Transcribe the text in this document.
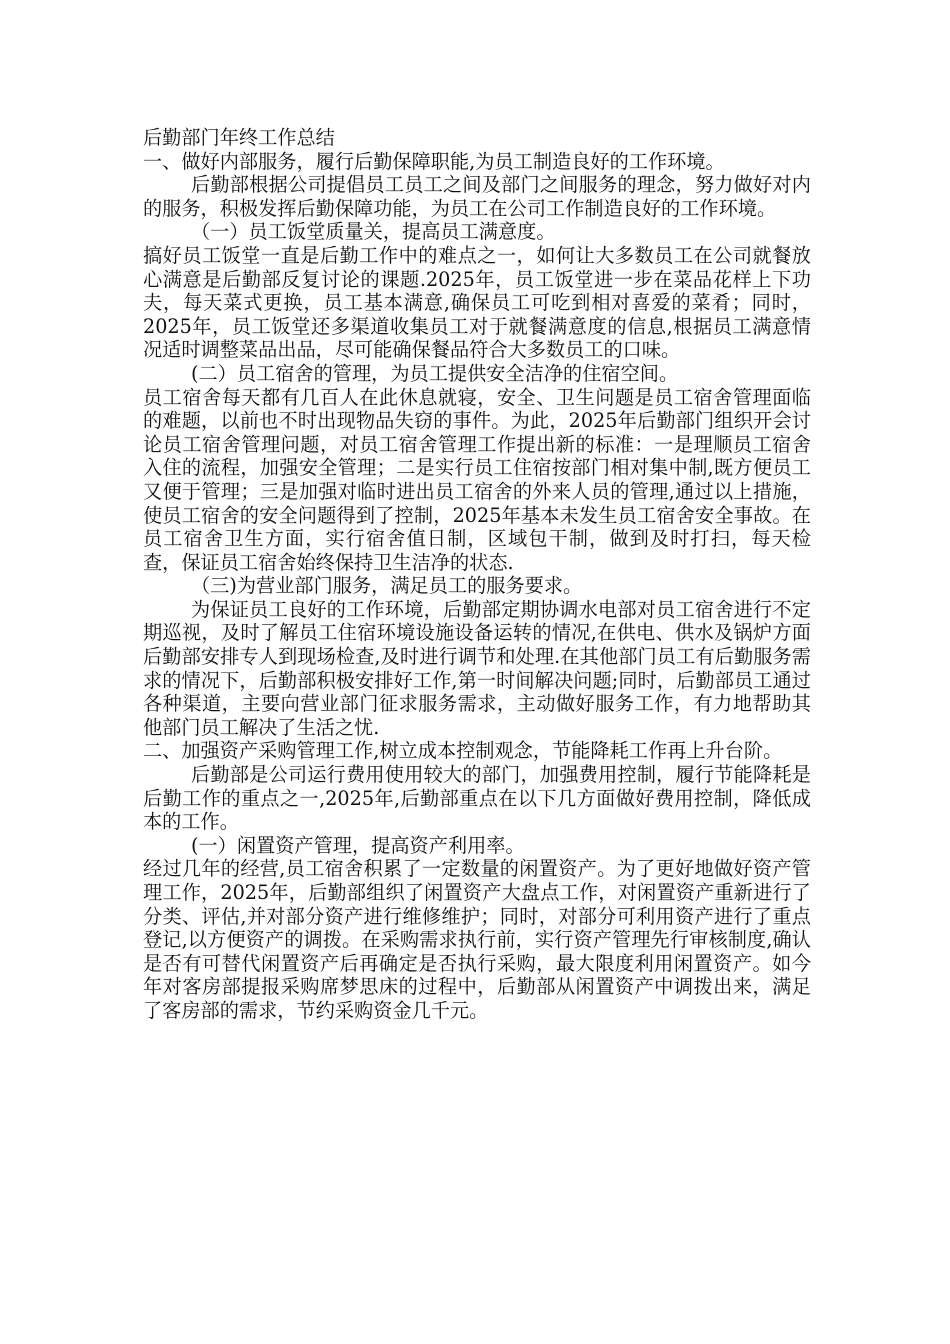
后勤部门年终工作总结

一、做好内部服务，履行后勤保障职能,为员工制造良好的工作环境。

后勤部根据公司提倡员工员工之间及部门之间服务的理念，努力做好对内的服务，积极发挥后勤保障功能，为员工在公司工作制造良好的工作环境。

（一）员工饭堂质量关，提高员工满意度。

搞好员工饭堂一直是后勤工作中的难点之一，如何让大多数员工在公司就餐放心满意是后勤部反复讨论的课题.2025年，员工饭堂进一步在菜品花样上下功夫，每天菜式更换，员工基本满意,确保员工可吃到相对喜爱的菜肴；同时，2025年，员工饭堂还多渠道收集员工对于就餐满意度的信息,根据员工满意情况适时调整菜品出品，尽可能确保餐品符合大多数员工的口味。

(二）员工宿舍的管理，为员工提供安全洁净的住宿空间。

员工宿舍每天都有几百人在此休息就寝，安全、卫生问题是员工宿舍管理面临的难题，以前也不时出现物品失窃的事件。为此，2025年后勤部门组织开会讨论员工宿舍管理问题，对员工宿舍管理工作提出新的标准：一是理顺员工宿舍入住的流程，加强安全管理；二是实行员工住宿按部门相对集中制,既方便员工又便于管理；三是加强对临时进出员工宿舍的外来人员的管理,通过以上措施，使员工宿舍的安全问题得到了控制，2025年基本未发生员工宿舍安全事故。在员工宿舍卫生方面，实行宿舍值日制，区域包干制，做到及时打扫，每天检查，保证员工宿舍始终保持卫生洁净的状态.

（三)为营业部门服务，满足员工的服务要求。

为保证员工良好的工作环境，后勤部定期协调水电部对员工宿舍进行不定期巡视，及时了解员工住宿环境设施设备运转的情况,在供电、供水及锅炉方面后勤部安排专人到现场检查,及时进行调节和处理.在其他部门员工有后勤服务需求的情况下，后勤部积极安排好工作,第一时间解决问题;同时，后勤部员工通过各种渠道，主要向营业部门征求服务需求，主动做好服务工作，有力地帮助其他部门员工解决了生活之忧.

二、加强资产采购管理工作,树立成本控制观念，节能降耗工作再上升台阶。

后勤部是公司运行费用使用较大的部门，加强费用控制，履行节能降耗是后勤工作的重点之一,2025年,后勤部重点在以下几方面做好费用控制，降低成本的工作。

(一）闲置资产管理，提高资产利用率。

经过几年的经营,员工宿舍积累了一定数量的闲置资产。为了更好地做好资产管理工作，2025年，后勤部组织了闲置资产大盘点工作，对闲置资产重新进行了分类、评估,并对部分资产进行维修维护；同时，对部分可利用资产进行了重点登记,以方便资产的调拨。在采购需求执行前，实行资产管理先行审核制度,确认是否有可替代闲置资产后再确定是否执行采购，最大限度利用闲置资产。如今年对客房部提报采购席梦思床的过程中，后勤部从闲置资产中调拨出来，满足了客房部的需求，节约采购资金几千元。
